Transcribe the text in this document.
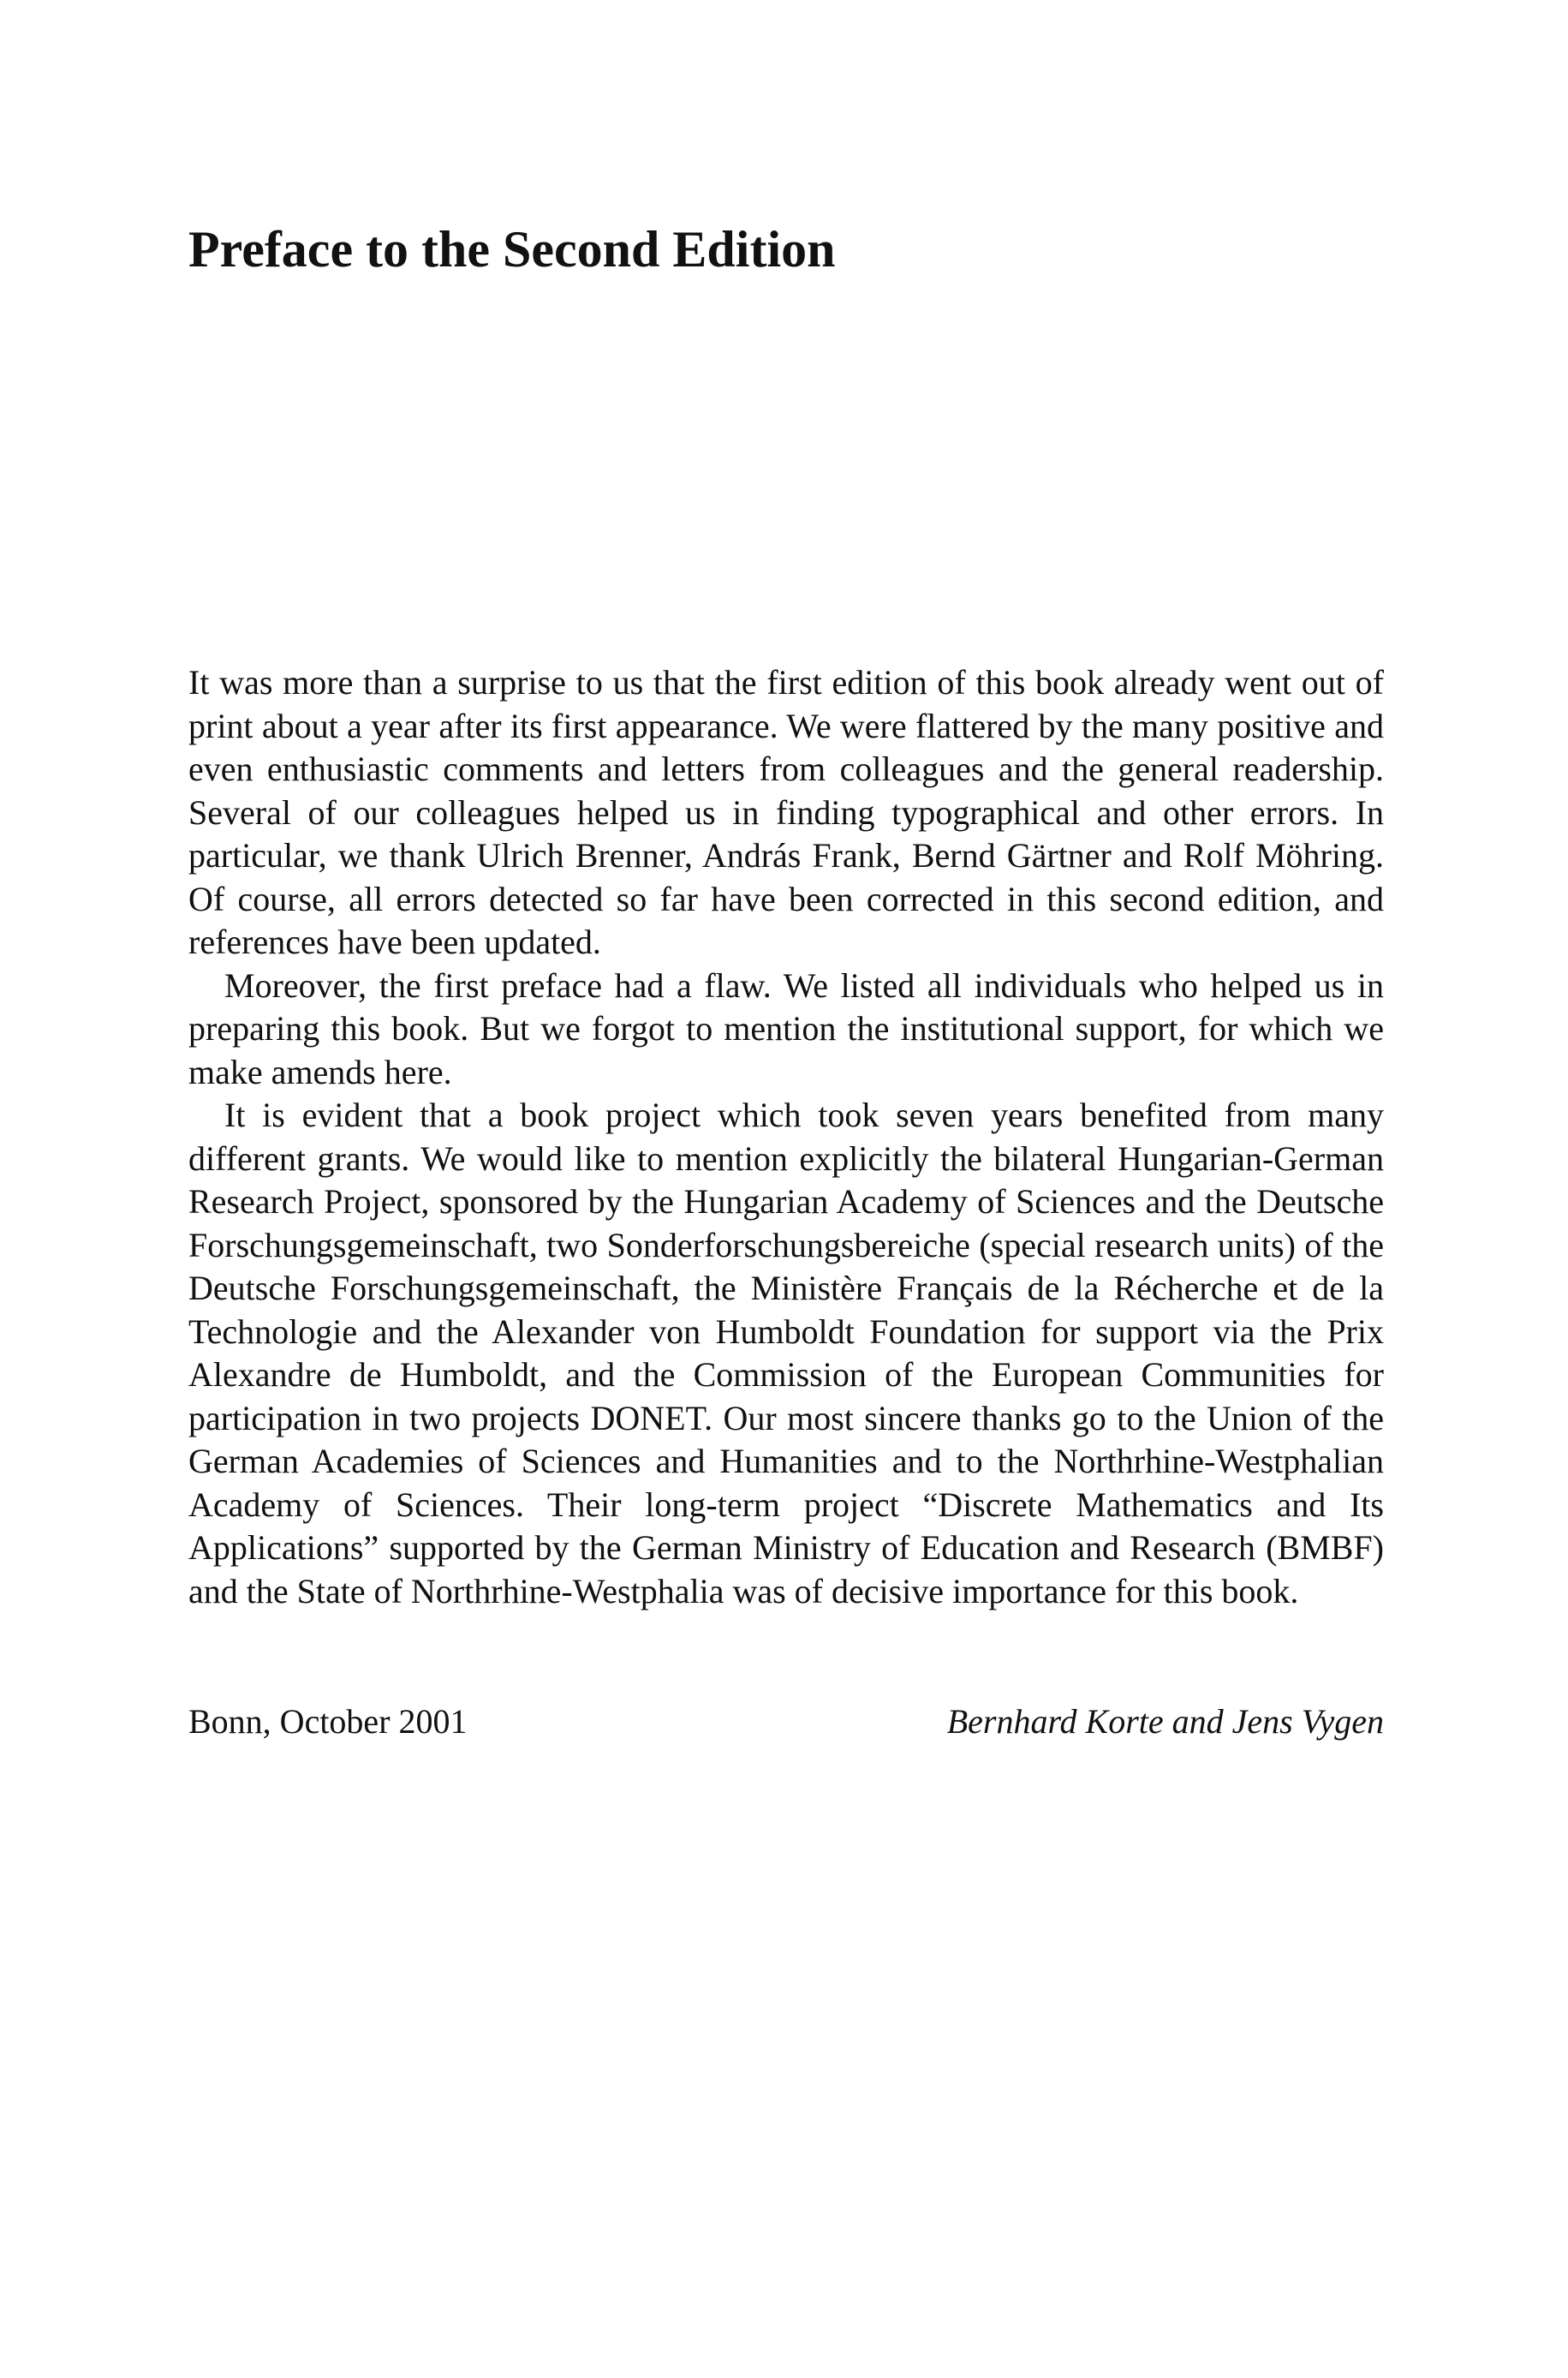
Preface to the Second Edition

It was more than a surprise to us that the first edition of this book already went out of print about a year after its first appearance. We were flattered by the many positive and even enthusiastic comments and letters from colleagues and the general readership. Several of our colleagues helped us in finding typographical and other errors. In particular, we thank Ulrich Brenner, András Frank, Bernd Gärtner and Rolf Möhring. Of course, all errors detected so far have been corrected in this second edition, and references have been updated.

Moreover, the first preface had a flaw. We listed all individuals who helped us in preparing this book. But we forgot to mention the institutional support, for which we make amends here.

It is evident that a book project which took seven years benefited from many different grants. We would like to mention explicitly the bilateral Hungarian-German Research Project, sponsored by the Hungarian Academy of Sciences and the Deutsche Forschungsgemeinschaft, two Sonderforschungsbereiche (special research units) of the Deutsche Forschungsgemeinschaft, the Ministère Français de la Récherche et de la Technologie and the Alexander von Humboldt Foundation for support via the Prix Alexandre de Humboldt, and the Commission of the European Communities for participation in two projects DONET. Our most sincere thanks go to the Union of the German Academies of Sciences and Humanities and to the Northrhine-Westphalian Academy of Sciences. Their long-term project “Discrete Mathematics and Its Applications” supported by the German Ministry of Education and Research (BMBF) and the State of Northrhine-Westphalia was of decisive importance for this book.

Bonn, October 2001	Bernhard Korte and Jens Vygen
